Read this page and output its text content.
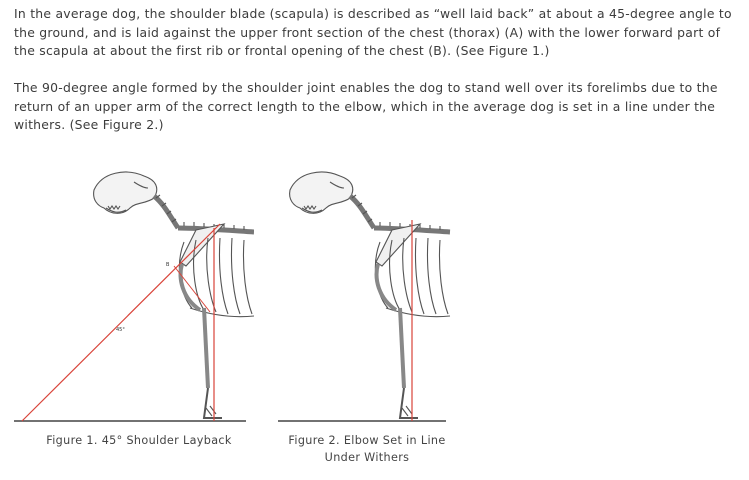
In the average dog, the shoulder blade (scapula) is described as “well laid back” at about a 45-degree angle to the ground, and is laid against the upper front section of the chest (thorax) (A) with the lower forward part of the scapula at about the first rib or frontal opening of the chest (B). (See Figure 1.)

The 90-degree angle formed by the shoulder joint enables the dog to stand well over its forelimbs due to the return of an upper arm of the correct length to the elbow, which in the average dog is set in a line under the withers. (See Figure 2.)

45°
B
Figure 1. 45° Shoulder Layback	Figure 2. Elbow Set in Line
Under Withers
